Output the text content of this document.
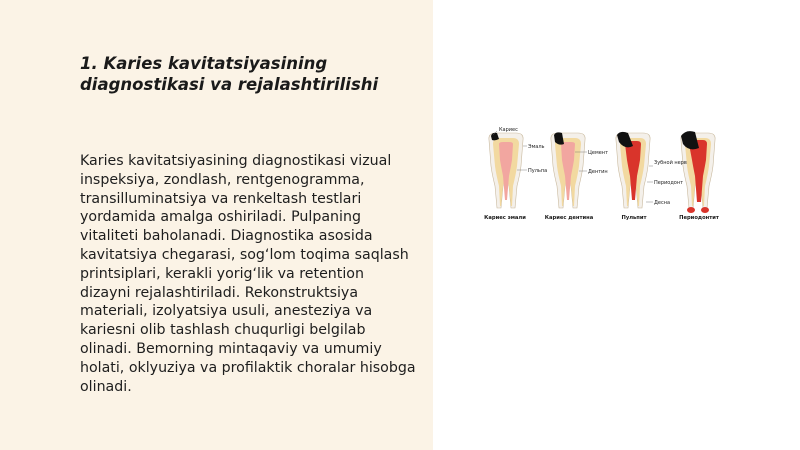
1. Karies kavitatsiyasining diagnostikasi va rejalashtirilishi

Karies kavitatsiyasining diagnostikasi vizual inspeksiya, zondlash, rentgenogramma, transilluminatsiya va renkeltash testlari yordamida amalga oshiriladi. Pulpaning vitaliteti baholanadi. Diagnostika asosida kavitatsiya chegarasi, sog‘lom toqima saqlash printsiplari, kerakli yorig‘lik va retention dizayni rejalashtiriladi. Rekonstruktsiya materiali, izolyatsiya usuli, anesteziya va kariesni olib tashlash chuqurligi belgilab olinadi. Bemorning mintaqaviy va umumiy holati, oklyuziya va profilaktik choralar hisobga olinadi.

Кариес
Эмаль
Пульпа
Цемент
Дентин
Зубной нерв
Периодонт
Десна
Кариес эмали	Кариес дентина	Пульпит	Периодонтит
